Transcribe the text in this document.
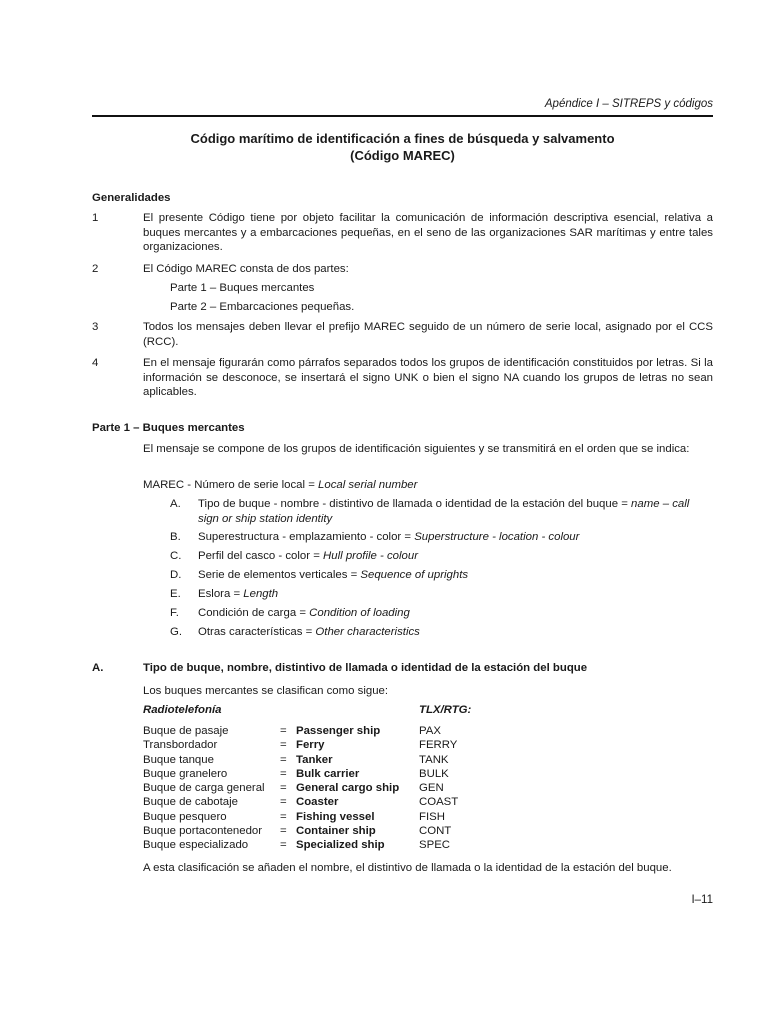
Apéndice I – SITREPS y códigos
Código marítimo de identificación a fines de búsqueda y salvamento
(Código MAREC)
Generalidades
1	El presente Código tiene por objeto facilitar la comunicación de información descriptiva esencial, relativa a buques mercantes y a embarcaciones pequeñas, en el seno de las organizaciones SAR marítimas y entre tales organizaciones.
2	El Código MAREC consta de dos partes:
Parte 1 – Buques mercantes
Parte 2 – Embarcaciones pequeñas.
3	Todos los mensajes deben llevar el prefijo MAREC seguido de un número de serie local, asignado por el CCS (RCC).
4	En el mensaje figurarán como párrafos separados todos los grupos de identificación constituidos por letras. Si la información se desconoce, se insertará el signo UNK o bien el signo NA cuando los grupos de letras no sean aplicables.
Parte 1 – Buques mercantes
El mensaje se compone de los grupos de identificación siguientes y se transmitirá en el orden que se indica:
MAREC - Número de serie local = Local serial number
A. Tipo de buque - nombre - distintivo de llamada o identidad de la estación del buque = name – call sign or ship station identity
B. Superestructura - emplazamiento - color = Superstructure - location - colour
C. Perfil del casco - color = Hull profile - colour
D. Serie de elementos verticales = Sequence of uprights
E. Eslora = Length
F. Condición de carga = Condition of loading
G. Otras características = Other characteristics
A.	Tipo de buque, nombre, distintivo de llamada o identidad de la estación del buque
Los buques mercantes se clasifican como sigue:
Radiotelefonía	TLX/RTG:
Buque de pasaje	=	Passenger ship	PAX
Transbordador	=	Ferry	FERRY
Buque tanque	=	Tanker	TANK
Buque granelero	=	Bulk carrier	BULK
Buque de carga general	=	General cargo ship	GEN
Buque de cabotaje	=	Coaster	COAST
Buque pesquero	=	Fishing vessel	FISH
Buque portacontenedor	=	Container ship	CONT
Buque especializado	=	Specialized ship	SPEC
A esta clasificación se añaden el nombre, el distintivo de llamada o la identidad de la estación del buque.
I–11
